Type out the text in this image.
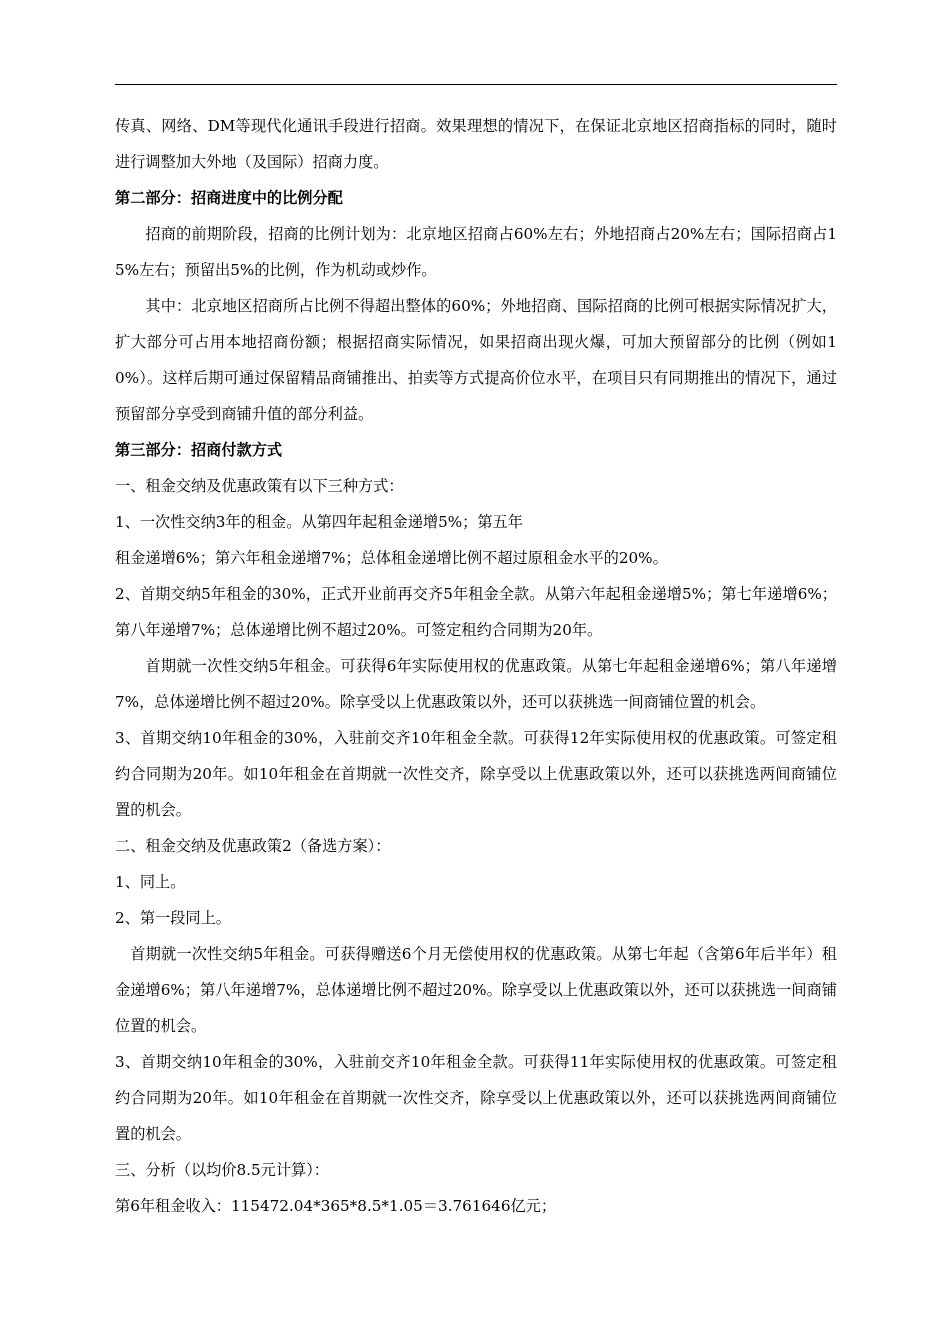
传真、网络、DM等现代化通讯手段进行招商。效果理想的情况下，在保证北京地区招商指标的同时，随时进行调整加大外地（及国际）招商力度。

第二部分：招商进度中的比例分配

招商的前期阶段，招商的比例计划为：北京地区招商占60%左右；外地招商占20%左右；国际招商占15%左右；预留出5%的比例，作为机动或炒作。

其中：北京地区招商所占比例不得超出整体的60%；外地招商、国际招商的比例可根据实际情况扩大，扩大部分可占用本地招商份额；根据招商实际情况，如果招商出现火爆，可加大预留部分的比例（例如10%）。这样后期可通过保留精品商铺推出、拍卖等方式提高价位水平，在项目只有同期推出的情况下，通过预留部分享受到商铺升值的部分利益。

第三部分：招商付款方式

一、租金交纳及优惠政策有以下三种方式：

1、一次性交纳3年的租金。从第四年起租金递增5%；第五年

租金递增6%；第六年租金递增7%；总体租金递增比例不超过原租金水平的20%。

2、首期交纳5年租金的30%，正式开业前再交齐5年租金全款。从第六年起租金递增5%；第七年递增6%；第八年递增7%；总体递增比例不超过20%。可签定租约合同期为20年。

首期就一次性交纳5年租金。可获得6年实际使用权的优惠政策。从第七年起租金递增6%；第八年递增7%，总体递增比例不超过20%。除享受以上优惠政策以外，还可以获挑选一间商铺位置的机会。

3、首期交纳10年租金的30%，入驻前交齐10年租金全款。可获得12年实际使用权的优惠政策。可签定租约合同期为20年。如10年租金在首期就一次性交齐，除享受以上优惠政策以外，还可以获挑选两间商铺位置的机会。

二、租金交纳及优惠政策2（备选方案）：

1、同上。

2、第一段同上。

首期就一次性交纳5年租金。可获得赠送6个月无偿使用权的优惠政策。从第七年起（含第6年后半年）租金递增6%；第八年递增7%，总体递增比例不超过20%。除享受以上优惠政策以外，还可以获挑选一间商铺位置的机会。

3、首期交纳10年租金的30%，入驻前交齐10年租金全款。可获得11年实际使用权的优惠政策。可签定租约合同期为20年。如10年租金在首期就一次性交齐，除享受以上优惠政策以外，还可以获挑选两间商铺位置的机会。

三、分析（以均价8.5元计算）：

第6年租金收入：115472.04*365*8.5*1.05＝3.761646亿元；
